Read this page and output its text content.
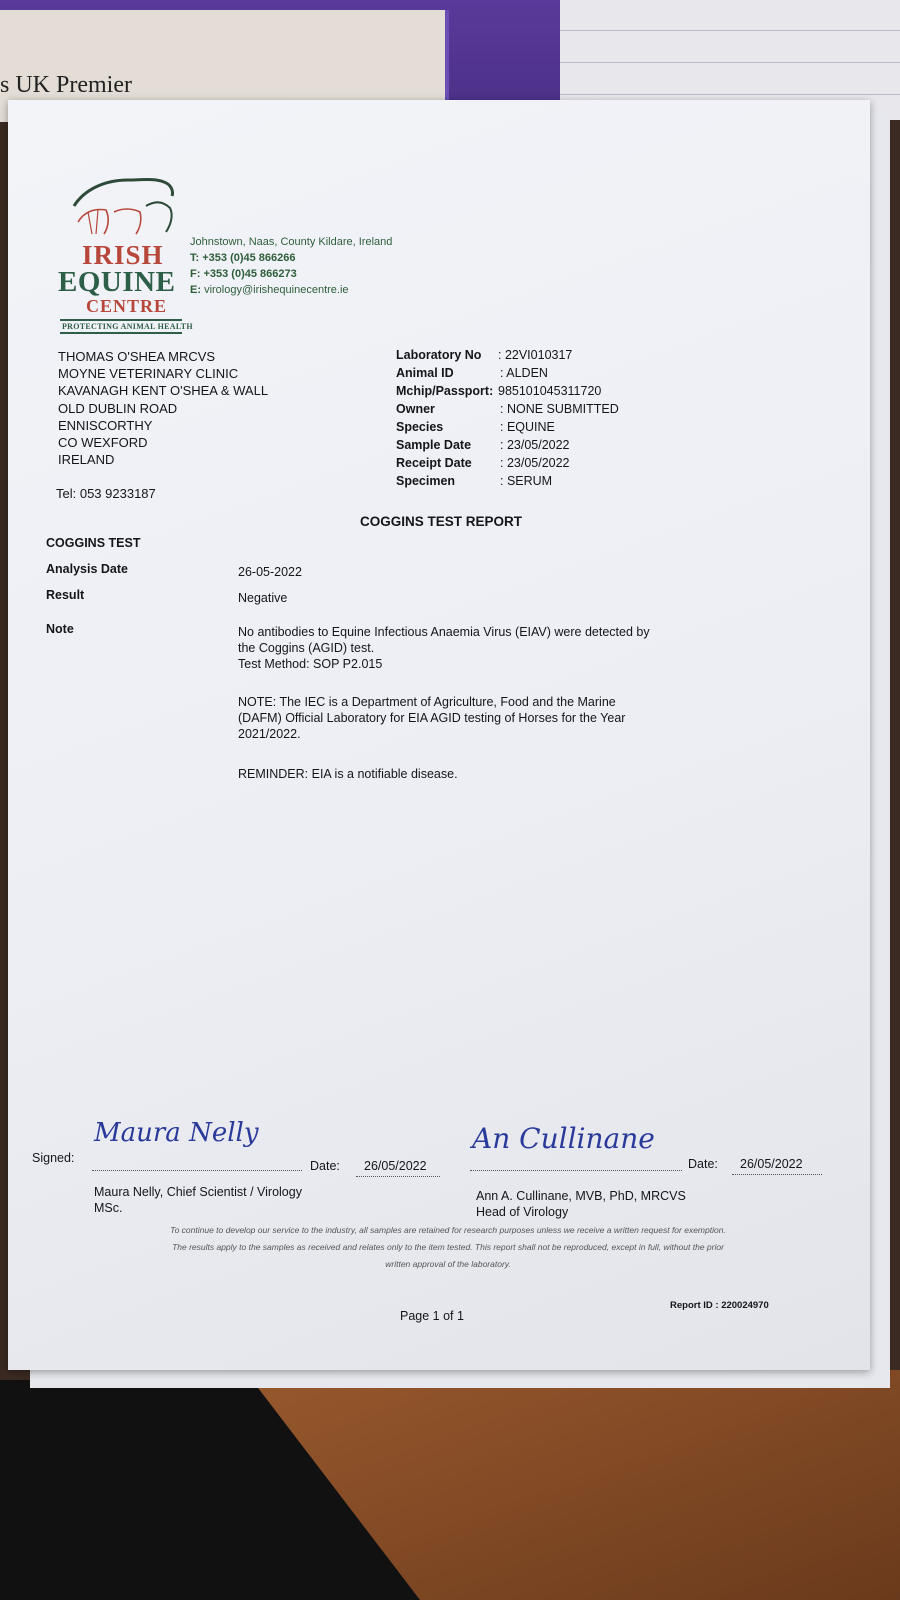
s UK Premier
IRISH
EQUINE
CENTRE
PROTECTING ANIMAL HEALTH
Johnstown, Naas, County Kildare, Ireland
T: +353 (0)45 866266
F: +353 (0)45 866273
E: virology@irishequinecentre.ie
THOMAS O'SHEA MRCVS
MOYNE VETERINARY CLINIC
KAVANAGH KENT O'SHEA & WALL
OLD DUBLIN ROAD
ENNISCORTHY
CO WEXFORD
IRELAND
Tel: 053 9233187
Laboratory No : 22VI010317
Animal ID	: ALDEN
Mchip/Passport: 985101045311720
Owner	: NONE SUBMITTED
Species	: EQUINE
Sample Date : 23/05/2022
Receipt Date : 23/05/2022
Specimen	: SERUM
COGGINS TEST REPORT
COGGINS TEST
Analysis Date	26-05-2022
Result	Negative
Note	No antibodies to Equine Infectious Anaemia Virus (EIAV) were detected by
the Coggins (AGID) test.
Test Method: SOP P2.015
NOTE: The IEC is a Department of Agriculture, Food and the Marine
(DAFM) Official Laboratory for EIA AGID testing of Horses for the Year
2021/2022.
REMINDER: EIA is a notifiable disease.
Signed:
Maura Nelly
Date: 26/05/2022
Maura Nelly, Chief Scientist / Virology
MSc.
An Cullinane
Date: 26/05/2022
Ann A. Cullinane, MVB, PhD, MRCVS
Head of Virology
To continue to develop our service to the industry, all samples are retained for research purposes unless we receive a written request for exemption.
The results apply to the samples as received and relates only to the item tested. This report shall not be reproduced, except in full, without the prior
written approval of the laboratory.
Page 1 of 1
Report ID : 220024970
